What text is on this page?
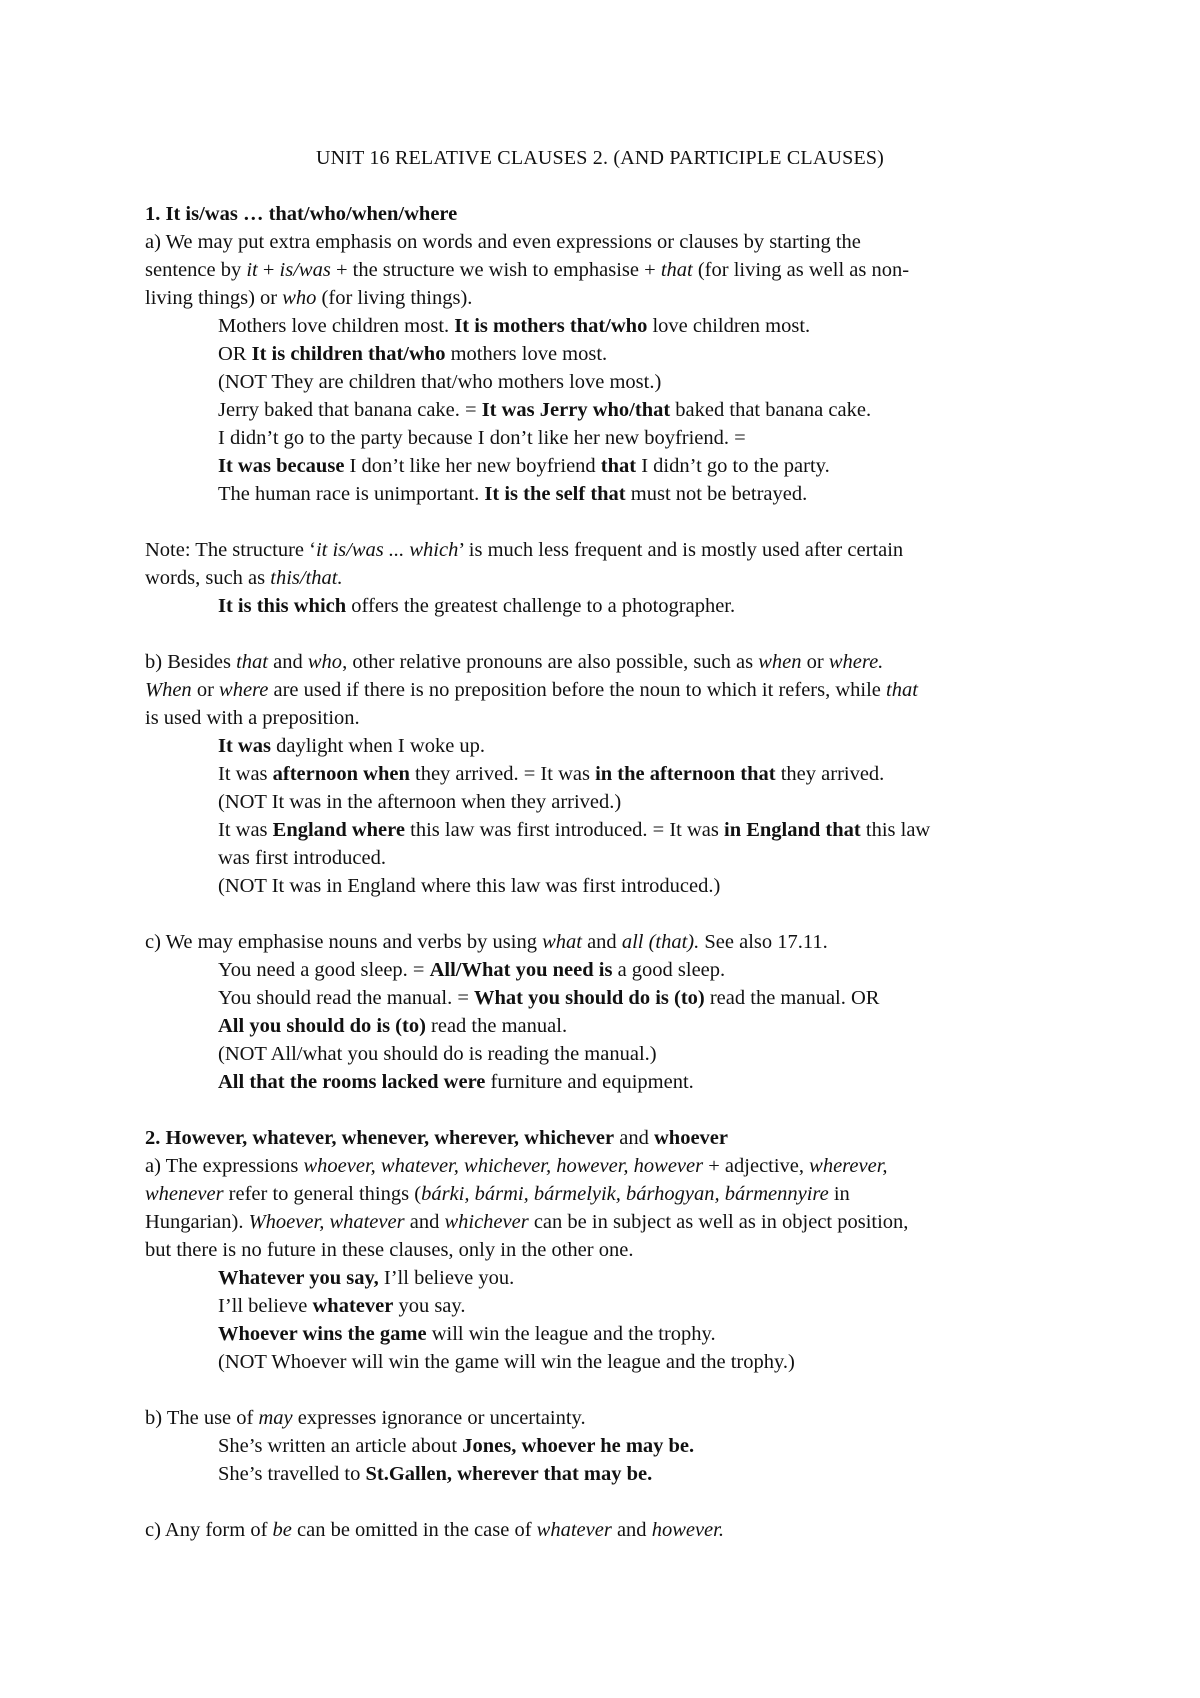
UNIT 16 RELATIVE CLAUSES 2. (AND PARTICIPLE CLAUSES)
1. It is/was … that/who/when/where
a) We may put extra emphasis on words and even expressions or clauses by starting the
sentence by it + is/was + the structure we wish to emphasise + that (for living as well as non-
living things) or who (for living things).
Mothers love children most. It is mothers that/who love children most.
OR It is children that/who mothers love most.
(NOT They are children that/who mothers love most.)
Jerry baked that banana cake. = It was Jerry who/that baked that banana cake.
I didn’t go to the party because I don’t like her new boyfriend. =
It was because I don’t like her new boyfriend that I didn’t go to the party.
The human race is unimportant. It is the self that must not be betrayed.
Note: The structure ‘it is/was ... which’ is much less frequent and is mostly used after certain
words, such as this/that.
It is this which offers the greatest challenge to a photographer.
b) Besides that and who, other relative pronouns are also possible, such as when or where.
When or where are used if there is no preposition before the noun to which it refers, while that
is used with a preposition.
It was daylight when I woke up.
It was afternoon when they arrived. = It was in the afternoon that they arrived.
(NOT It was in the afternoon when they arrived.)
It was England where this law was first introduced. = It was in England that this law
was first introduced.
(NOT It was in England where this law was first introduced.)
c) We may emphasise nouns and verbs by using what and all (that). See also 17.11.
You need a good sleep. = All/What you need is a good sleep.
You should read the manual. = What you should do is (to) read the manual. OR
All you should do is (to) read the manual.
(NOT All/what you should do is reading the manual.)
All that the rooms lacked were furniture and equipment.
2. However, whatever, whenever, wherever, whichever and whoever
a) The expressions whoever, whatever, whichever, however, however + adjective, wherever,
whenever refer to general things (bárki, bármi, bármelyik, bárhogyan, bármennyire in
Hungarian). Whoever, whatever and whichever can be in subject as well as in object position,
but there is no future in these clauses, only in the other one.
Whatever you say, I’ll believe you.
I’ll believe whatever you say.
Whoever wins the game will win the league and the trophy.
(NOT Whoever will win the game will win the league and the trophy.)
b) The use of may expresses ignorance or uncertainty.
She’s written an article about Jones, whoever he may be.
She’s travelled to St.Gallen, wherever that may be.
c) Any form of be can be omitted in the case of whatever and however.
